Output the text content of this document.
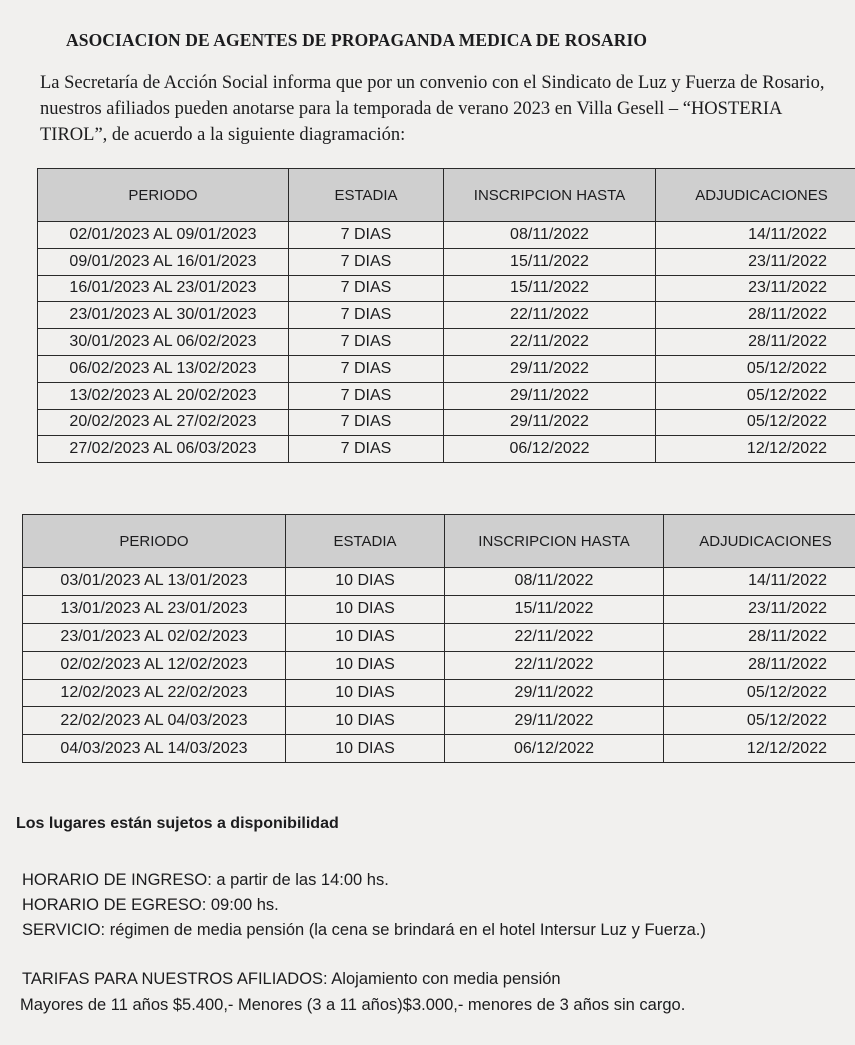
ASOCIACION DE AGENTES DE PROPAGANDA MEDICA DE ROSARIO
La Secretaría de Acción Social informa que por un convenio con el Sindicato de Luz y Fuerza de Rosario, nuestros afiliados pueden anotarse para la temporada de verano 2023 en Villa Gesell – “HOSTERIA TIROL”, de acuerdo a la siguiente diagramación:
PERIODO	ESTADIA	INSCRIPCION HASTA	ADJUDICACIONES
02/01/2023 AL 09/01/2023	7 DIAS	08/11/2022	14/11/2022
09/01/2023 AL 16/01/2023	7 DIAS	15/11/2022	23/11/2022
16/01/2023 AL 23/01/2023	7 DIAS	15/11/2022	23/11/2022
23/01/2023 AL 30/01/2023	7 DIAS	22/11/2022	28/11/2022
30/01/2023 AL 06/02/2023	7 DIAS	22/11/2022	28/11/2022
06/02/2023 AL 13/02/2023	7 DIAS	29/11/2022	05/12/2022
13/02/2023 AL 20/02/2023	7 DIAS	29/11/2022	05/12/2022
20/02/2023 AL 27/02/2023	7 DIAS	29/11/2022	05/12/2022
27/02/2023 AL 06/03/2023	7 DIAS	06/12/2022	12/12/2022
PERIODO	ESTADIA	INSCRIPCION HASTA	ADJUDICACIONES
03/01/2023 AL 13/01/2023	10 DIAS	08/11/2022	14/11/2022
13/01/2023 AL 23/01/2023	10 DIAS	15/11/2022	23/11/2022
23/01/2023 AL 02/02/2023	10 DIAS	22/11/2022	28/11/2022
02/02/2023 AL 12/02/2023	10 DIAS	22/11/2022	28/11/2022
12/02/2023 AL 22/02/2023	10 DIAS	29/11/2022	05/12/2022
22/02/2023 AL 04/03/2023	10 DIAS	29/11/2022	05/12/2022
04/03/2023 AL 14/03/2023	10 DIAS	06/12/2022	12/12/2022
Los lugares están sujetos a disponibilidad
HORARIO DE INGRESO: a partir de las 14:00 hs.
HORARIO DE EGRESO: 09:00 hs.
SERVICIO: régimen de media pensión (la cena se brindará en el hotel Intersur Luz y Fuerza.)
TARIFAS PARA NUESTROS AFILIADOS: Alojamiento con media pensión
Mayores de 11 años $5.400,- Menores (3 a 11 años)$3.000,- menores de 3 años sin cargo.
